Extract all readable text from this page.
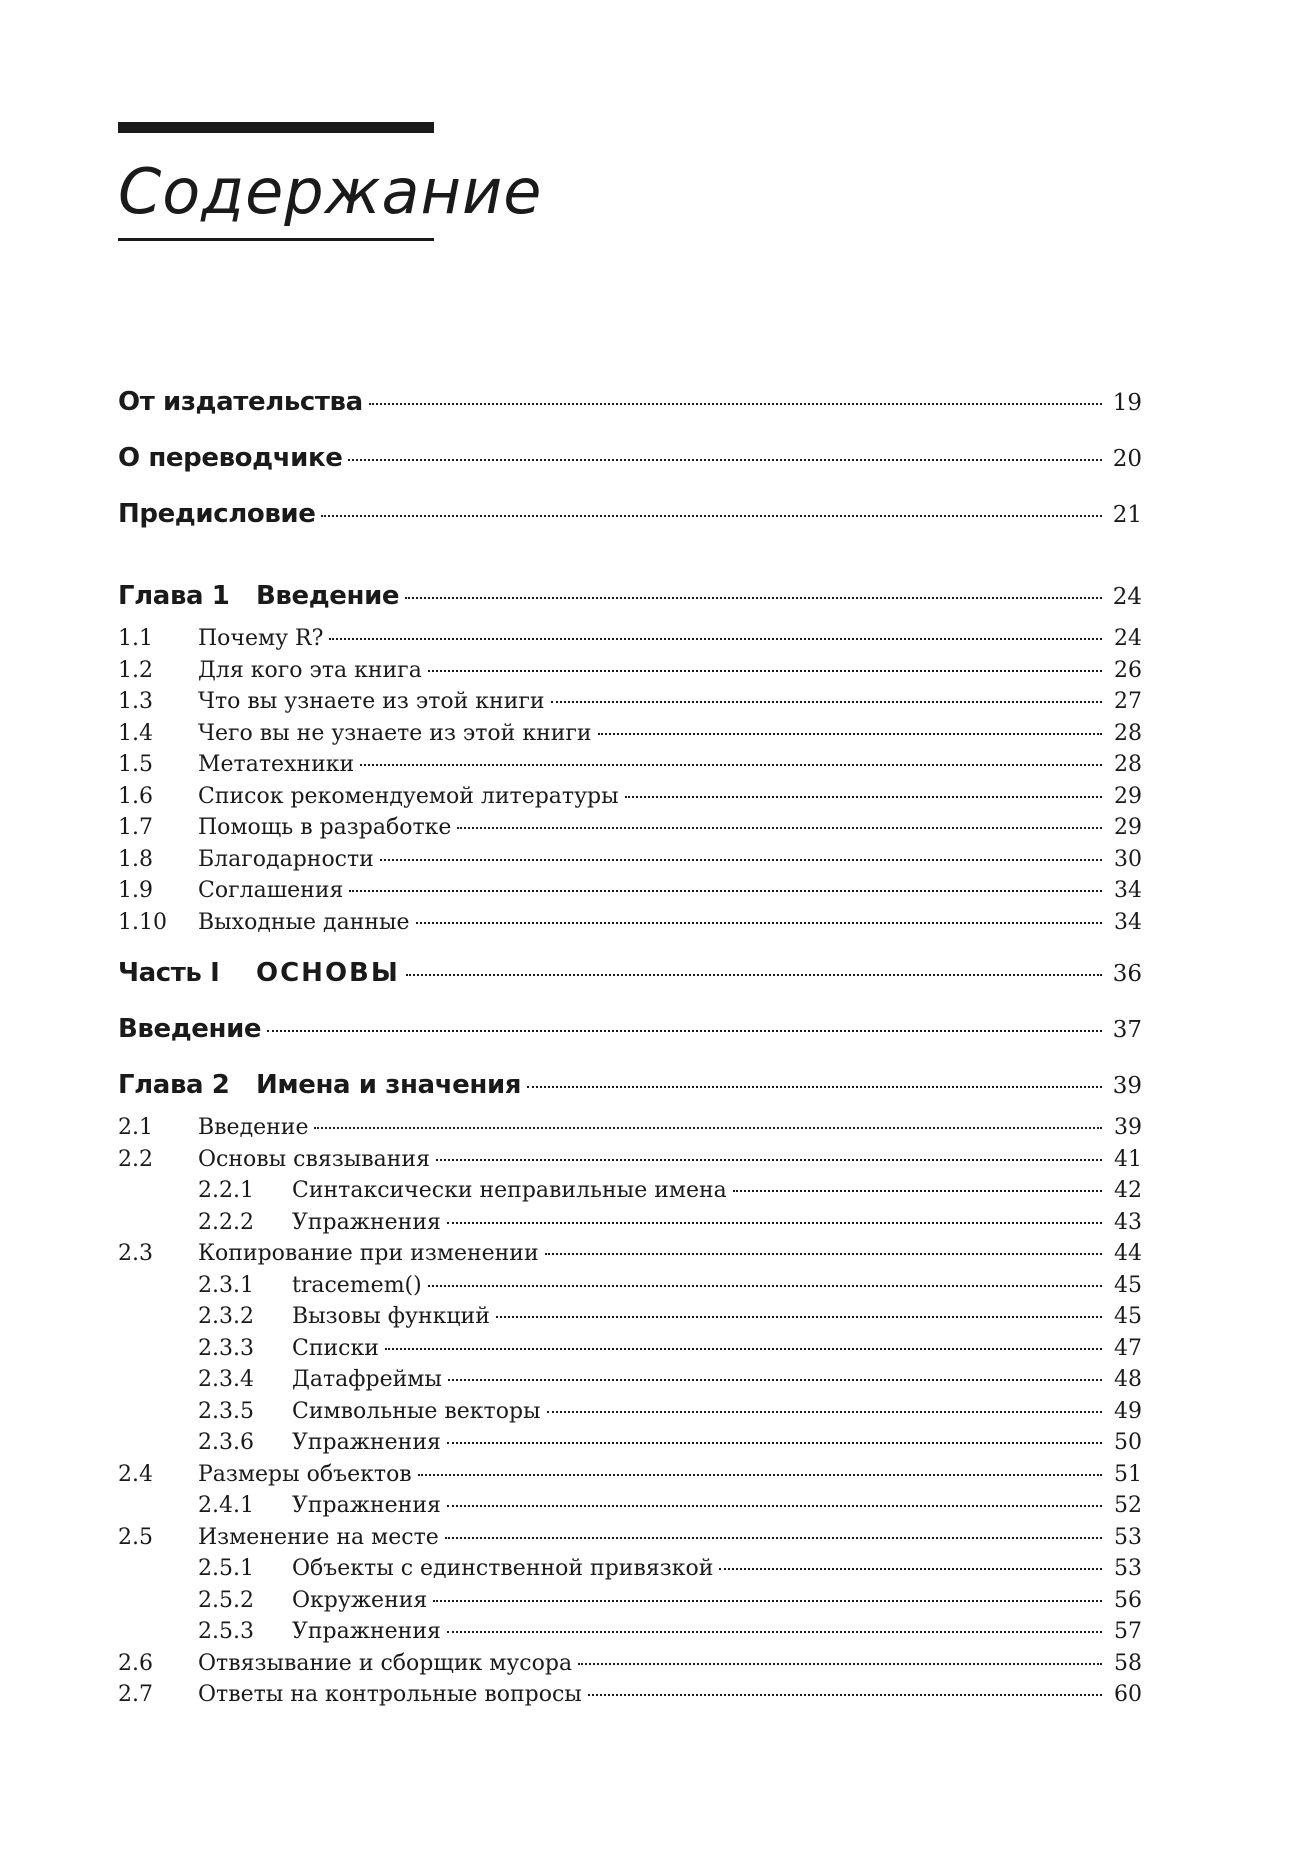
Содержание
От издательства	19
О переводчике	20
Предисловие	21
Глава 1	Введение	24
1.1	Почему R?	24
1.2	Для кого эта книга	26
1.3	Что вы узнаете из этой книги	27
1.4	Чего вы не узнаете из этой книги	28
1.5	Метатехники	28
1.6	Список рекомендуемой литературы	29
1.7	Помощь в разработке	29
1.8	Благодарности	30
1.9	Соглашения	34
1.10	Выходные данные	34
Часть I	ОСНОВЫ	36
Введение	37
Глава 2	Имена и значения	39
2.1	Введение	39
2.2	Основы связывания	41
2.2.1	Синтаксически неправильные имена	42
2.2.2	Упражнения	43
2.3	Копирование при изменении	44
2.3.1	tracemem()	45
2.3.2	Вызовы функций	45
2.3.3	Списки	47
2.3.4	Датафреймы	48
2.3.5	Символьные векторы	49
2.3.6	Упражнения	50
2.4	Размеры объектов	51
2.4.1	Упражнения	52
2.5	Изменение на месте	53
2.5.1	Объекты с единственной привязкой	53
2.5.2	Окружения	56
2.5.3	Упражнения	57
2.6	Отвязывание и сборщик мусора	58
2.7	Ответы на контрольные вопросы	60
